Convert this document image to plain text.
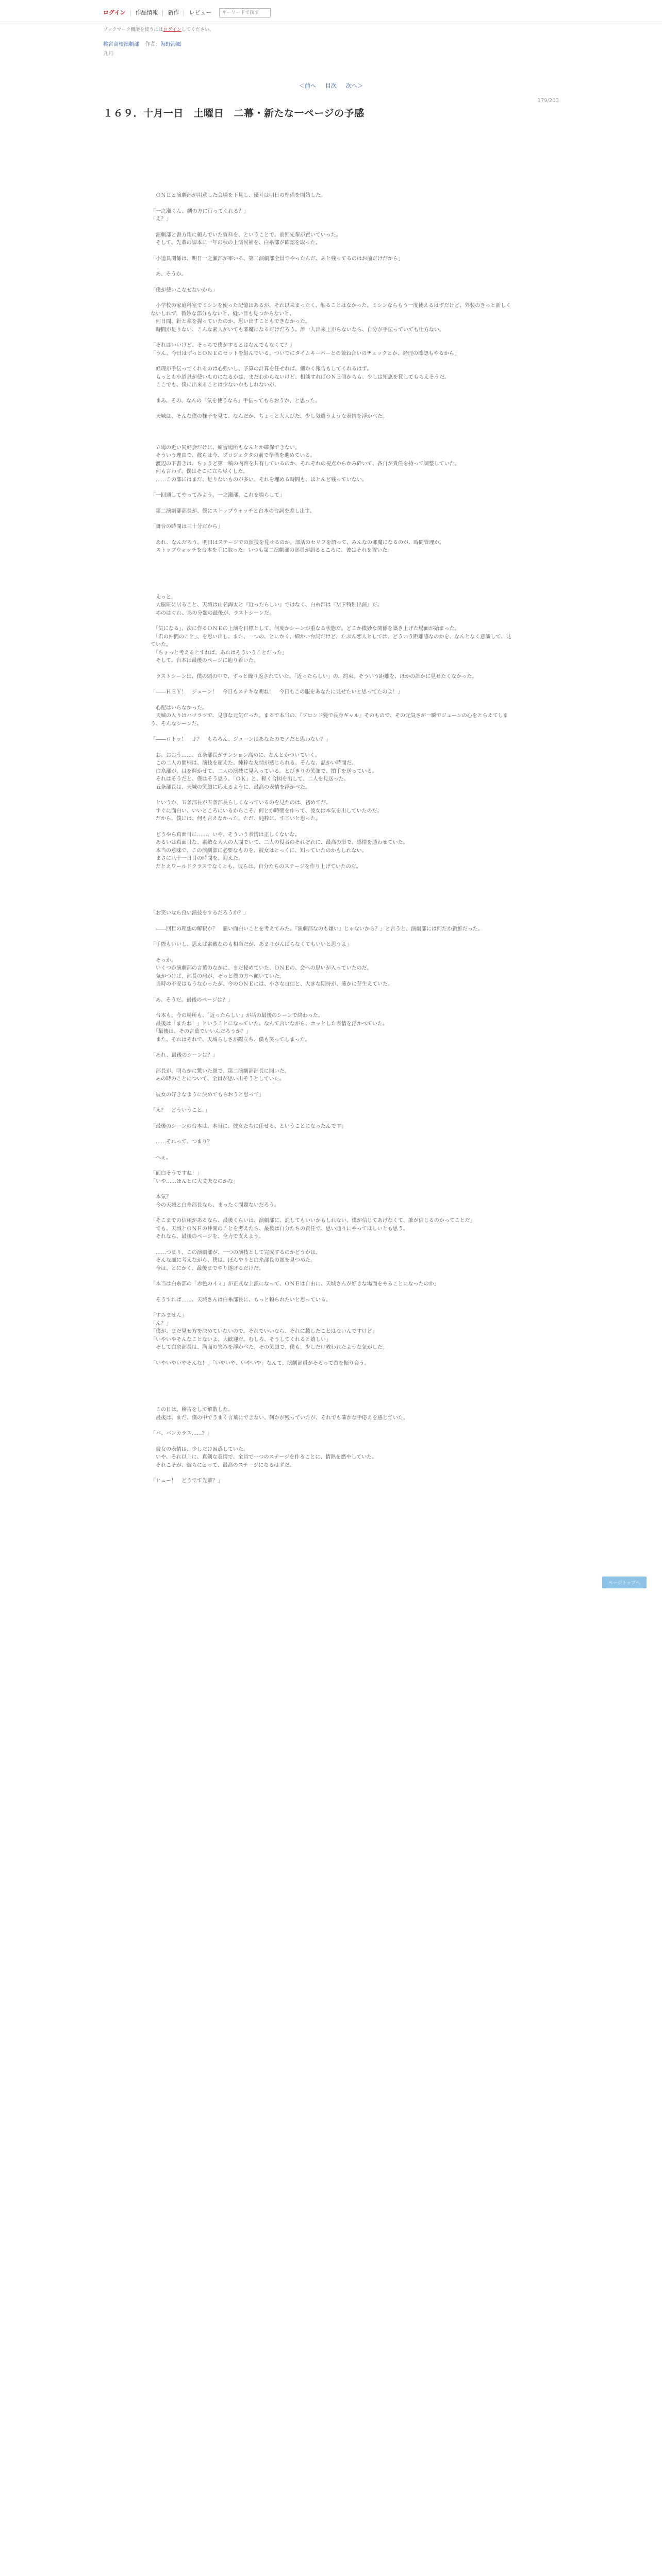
ログイン	作品情報	新作	レビュー
キーワードで探す
ブックマーク機能を使うにはログインしてください。
桃宮高校演劇部 作者：海野海風
九月
＜前へ 目次 次へ＞
179/203
１６９．十月一日　土曜日　二幕・新たな一ページの予感

　ＯＮＥと演劇部が用意した会場を下見し、優斗は明日の準備を開始した。

「一之瀬くん、劇の方に行ってくれる？」

「え？」

　演劇部と書方用に頼んでいた資料を、ということで、前回先輩が置いていった。

　そして、先輩の脚本に一年の秋の上演候補を、白糸部が確認を取った。

「小道具関係は、明日一之瀬部が率いる、第二演劇部全員でやったんだ。あと残ってるのはお前だけだから」

　あ、そうか。

「僕が使いこなせないから」

　小学校の家庭科室でミシンを使った記憶はあるが、それ以来まったく、触ることはなかった。ミシンならもう一度使えるはずだけど、外装のきっと新しくないしれず、微妙な部分もないと、縫い目も見つからないと、

　何日間、針と糸を握っていたのか、思い出すこともできなかった。

　時間が足りない、こんな素人がいても邪魔になるだけだろう。誰一人出来上がらないなら、自分が手伝っていても仕方ない。

「それはいいけど、そっちで僕がするとはなんでもなくて？」

「うん。今日はずっとＯＮＥのセットを組んでいる。ついでにタイムキーパーとの兼ね合いのチェックとか、経理の確認もやるから」

　経理が手伝ってくれるのは心強いし、予算の計算を任せれば、細かく報告もしてくれるはず。

　もっとも小道具が使いものになるかは、まだわからないけど、相談すればＯＮＥ側からも、少しは知恵を貸してもらえそうだ。

　ここでも、僕に出来ることは少ないかもしれないが、

　まあ、その、なんの「気を使うなら」手伝ってもらおうか、と思った。

　天城は、そんな僕の様子を見て、なんだか、ちょっと大人びた、少し気遣うような表情を浮かべた。

　立場の近い同好会だけに、練習場所もなんとか確保できない。

　そういう理由で、彼らは今、プロジェクタの前で準備を進めている。

　渡辺の下書きは、ちょうど第一稿の内容を共有しているのか、それぞれの視点からかみ砕いて、各自が責任を持って調整していた。

　何も言わず、僕はそこに立ち尽くした。

　……この部にはまだ、足りないものが多い。それを埋める時間も、ほとんど残っていない。

「一回通してやってみよう。一之瀬部、これを鳴らして」

　第二演劇部部長が、僕にストップウォッチと台本の台詞を差し出す。

「舞台の時間は三十分だから」

　あれ、なんだろう。明日はステージでの演技を見せるのか。部活のセリフを語って、みんなの邪魔になるのが、時間管理か。

　ストップウォッチを台本を手に取った。いつも第二演劇部の部員が居るところに、彼はそれを置いた。

　えっと。

　大脇班に居ること、天城は山名海太と『近ったらしい』ではなく、白糸部は『ＭＦ特別出演』だ。

　赤のはぐれ、あの分類の最後が、ラストシーンだ。

　「気になる」、次に作るＯＮＥの上演を目標として、何度かシーンが重なる状態だ。どこか微妙な関係を築き上げた場面が始まった。

　「君の仲間のこと」、を思い出し、また、一つの、とにかく、細かい台詞だけど、たぶん恋人としては、どういう距離感なのかを、なんとなく意識して、見ていた。

　「ちょっと考えるとすれば、あれはそういうことだった」

　そして、台本は最後のページに辿り着いた。

　ラストシーンは、僕の頭の中で、ずっと繰り返されていた。「近ったらしい」の、約束。そういう距離を、ほかの誰かに見せたくなかった。

「――ＨＥＹ！　ジューン！　今日もステキな朝ね！　今日もこの服をあなたに見せたいと思ってたのよ！」

　心配はいらなかった。

　天城の入りはハツラツで、見事な元気だった。まるで本当の、『ブロンド髪で長身ギャル』そのもので、その元気さが一瞬でジューンの心をとらえてしまう、そんなシーンだ。

「――ロトッ！　Ｊ？　もちろん、ジューンはあなたのモノだと思わない？」

　お、おおう……、五条部長がテンション高めに、なんとかついていく。

　この二人の間柄は、演技を超えた、純粋な友情が感じられる。そんな、温かい時間だ。

　白糸部が、目を輝かせて、二人の演技に見入っている。とびきりの笑顔で、拍手を送っている。

　それはそうだと、僕はそう思う。「ＯＫ」と、軽く合図を出して、二人を見送った。

　五条部長は、天城の笑顔に応えるように、最高の表情を浮かべた。

　というか、五条部長が五条部長らしくなっているのを見たのは、初めてだ。

　すぐに面白い、いいところにいるからこそ、何とか時間を作って、彼女は本気を出していたのだ。

　だから、僕には、何も言えなかった。ただ、純粋に、すごいと思った。

　どうやら真面目に……、いや、そういう表情は正しくないな。

　あるいは真面目な、素敵な大人の人間でいて、二人の役者のそれぞれに、最高の形で、感情を通わせていた。

　本当の意味で、この演劇部に必要なものを、彼女はとっくに、知っていたのかもしれない。

　まさに八十一日目の時間を、迎えた。

　だとえワールドクラスでなくとも、彼らは、自分たちのステージを作り上げていたのだ。

「お笑いなら良い演技をするだろうか？」

　――回目の理想の解釈か？　悪い面白いことを考えてみた。『演劇部なのも嫌い』じゃないから？」と言うと、演劇部には何だか新鮮だった。

「手際もいいし、思えば素敵なのも相当だが、あまりがんばらなくてもいいと思うよ」

　そっか。

　いくつか演劇部の言葉のなかに、まだ秘めていた、ＯＮＥの、会への思いが入っていたのだ。

　気がつけば、部長の肩が、そっと僕の方へ傾いていた。

　当時の不安はもうなかったが、今のＯＮＥには、小さな自信と、大きな期待が、確かに芽生えていた。

「あ、そうだ。最後のページは？」

　台本も、今の場所も、「近ったらしい」が話の最後のシーンで終わった。

　最後は「またね！」ということになっていた。なんて言いながら、ホッとした表情を浮かべていた。

　「最後は、その言葉でいいんだろうか？」

　また、それはそれで、天城らしさが際立ち、僕も笑ってしまった。

「あれ、最後のシーンは？」

　部長が、明らかに驚いた顔で、第二演劇部部長に聞いた。

　あの時のことについて、全員が思い出そうとしていた。

「彼女の好きなように決めてもらおうと思って」

「え？　どういうこと。」

「最後のシーンの台本は、本当に、彼女たちに任せる、ということになったんです」

　……それって、つまり？

　へぇ。

「面白そうですね！」

「いや……ほんとに大丈夫なのかな」

　本気？

　今の天城と白糸部長なら、まったく問題ないだろう。

「そこまでの信頼があるなら、最後くらいは、演劇部に、託してもいいかもしれない。僕が信じてあげなくて、誰が信じるのかってことだ」

　でも、天城とＯＮＥの仲間のことを考えたら、最後は自分たちの責任で、思い通りにやってほしいとも思う。

　それなら、最後のページを、全力で支えよう。

　……つまり、この演劇部が、一つの演技として完成するのかどうかは。

　そんな風に考えながら、僕は、ぼんやりと白糸部長の顔を見つめた。

　今は、とにかく、最後までやり遂げるだけだ。

「本当は白糸部の「赤色のイミ」が正式な上演になって、ＯＮＥは自由に、天城さんが好きな場面をやることになったのか」

　そうすれば……、天城さんは白糸部長に、もっと頼られたいと思っている。

「すみません」

「ん？」

「僕が、まだ見せ方を決めていないので。それでいいなら、それに越したことはないんですけど」

「いやいやそんなことないよ。大歓迎だ。むしろ、そうしてくれると嬉しい」

　そして白糸部長は、満面の笑みを浮かべた。その笑顔で、僕も、少しだけ救われたような気がした。

「いやいやいやそんな！」「いやいや、いやいや」なんて、演劇部員がそろって首を振り合う。

　この日は、稽古をして解散した。

　最後は、まだ、僕の中でうまく言葉にできない、何かが残っていたが、それでも確かな手応えを感じていた。

「バ、バンカラス……？」

　彼女の表情は、少しだけ困惑していた。

　いや、それ以上に、真剣な表情で、全員で一つのステージを作ることに、情熱を燃やしていた。

　それこそが、彼らにとって、最高のステージになるはずだ。

「ヒュー！　どうです先輩？」

ページトップへ
